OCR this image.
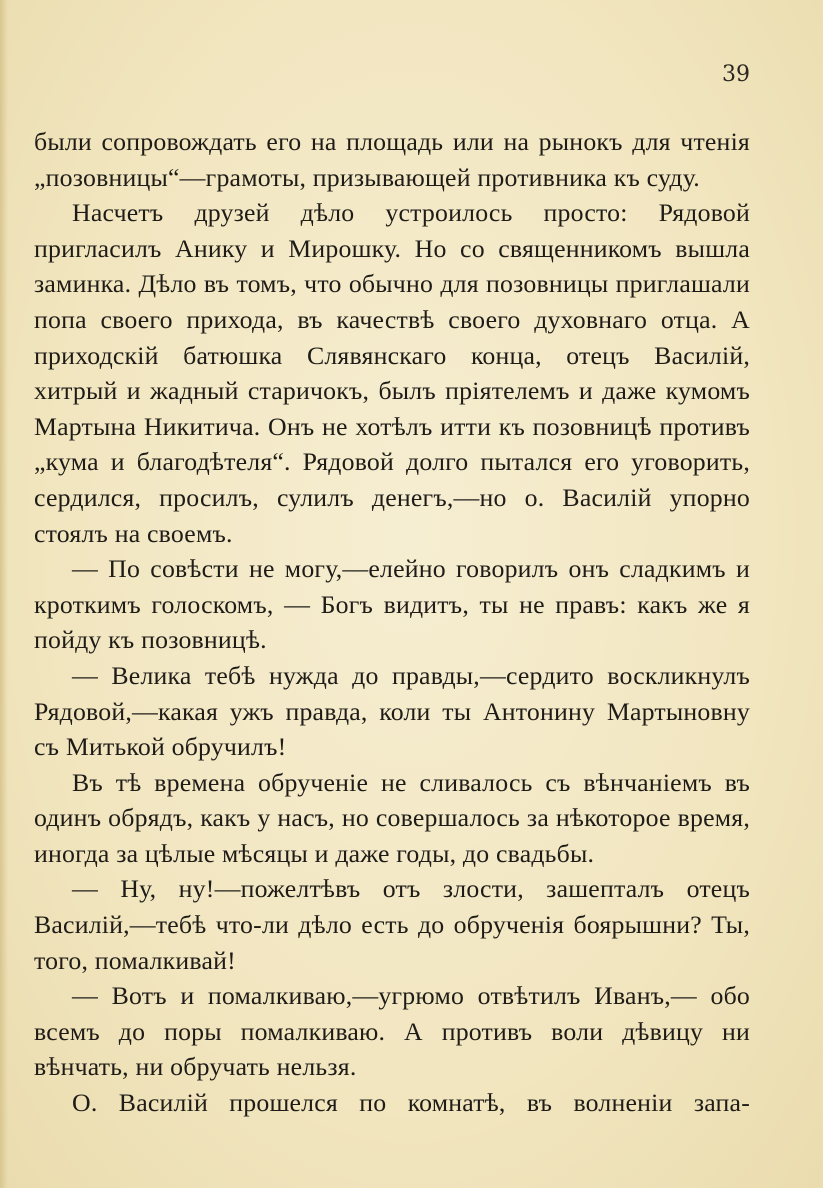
39

были сопровождать его на площадь или на рынокъ для чтенія „позовницы“—грамоты, призывающей противника къ суду.

Насчетъ друзей дѣло устроилось просто: Рядовой пригласилъ Анику и Мирошку. Но со священникомъ вышла заминка. Дѣло въ томъ, что обычно для позовницы приглашали попа своего прихода, въ качествѣ своего духовнаго отца. А приходскій батюшка Слявянскаго конца, отецъ Василій, хитрый и жадный старичокъ, былъ пріятелемъ и даже кумомъ Мартына Никитича. Онъ не хотѣлъ итти къ позовницѣ противъ „кума и благодѣтеля“. Рядовой долго пытался его уговорить, сердился, просилъ, сулилъ денегъ,—но о. Василій упорно стоялъ на своемъ.

— По совѣсти не могу,—елейно говорилъ онъ сладкимъ и кроткимъ голоскомъ, — Богъ видитъ, ты не правъ: какъ же я пойду къ позовницѣ.

— Велика тебѣ нужда до правды,—сердито воскликнулъ Рядовой,—какая ужъ правда, коли ты Антонину Мартыновну съ Митькой обручилъ!

Въ тѣ времена обрученіе не сливалось съ вѣнчаніемъ въ одинъ обрядъ, какъ у насъ, но совершалось за нѣкоторое время, иногда за цѣлые мѣсяцы и даже годы, до свадьбы.

— Ну, ну!—пожелтѣвъ отъ злости, зашепталъ отецъ Василій,—тебѣ что-ли дѣло есть до обрученія боярышни? Ты, того, помалкивай!

— Вотъ и помалкиваю,—угрюмо отвѣтилъ Иванъ,— обо всемъ до поры помалкиваю. А противъ воли дѣвицу ни вѣнчать, ни обручать нельзя.

О. Василій прошелся по комнатѣ, въ волненіи запа-
